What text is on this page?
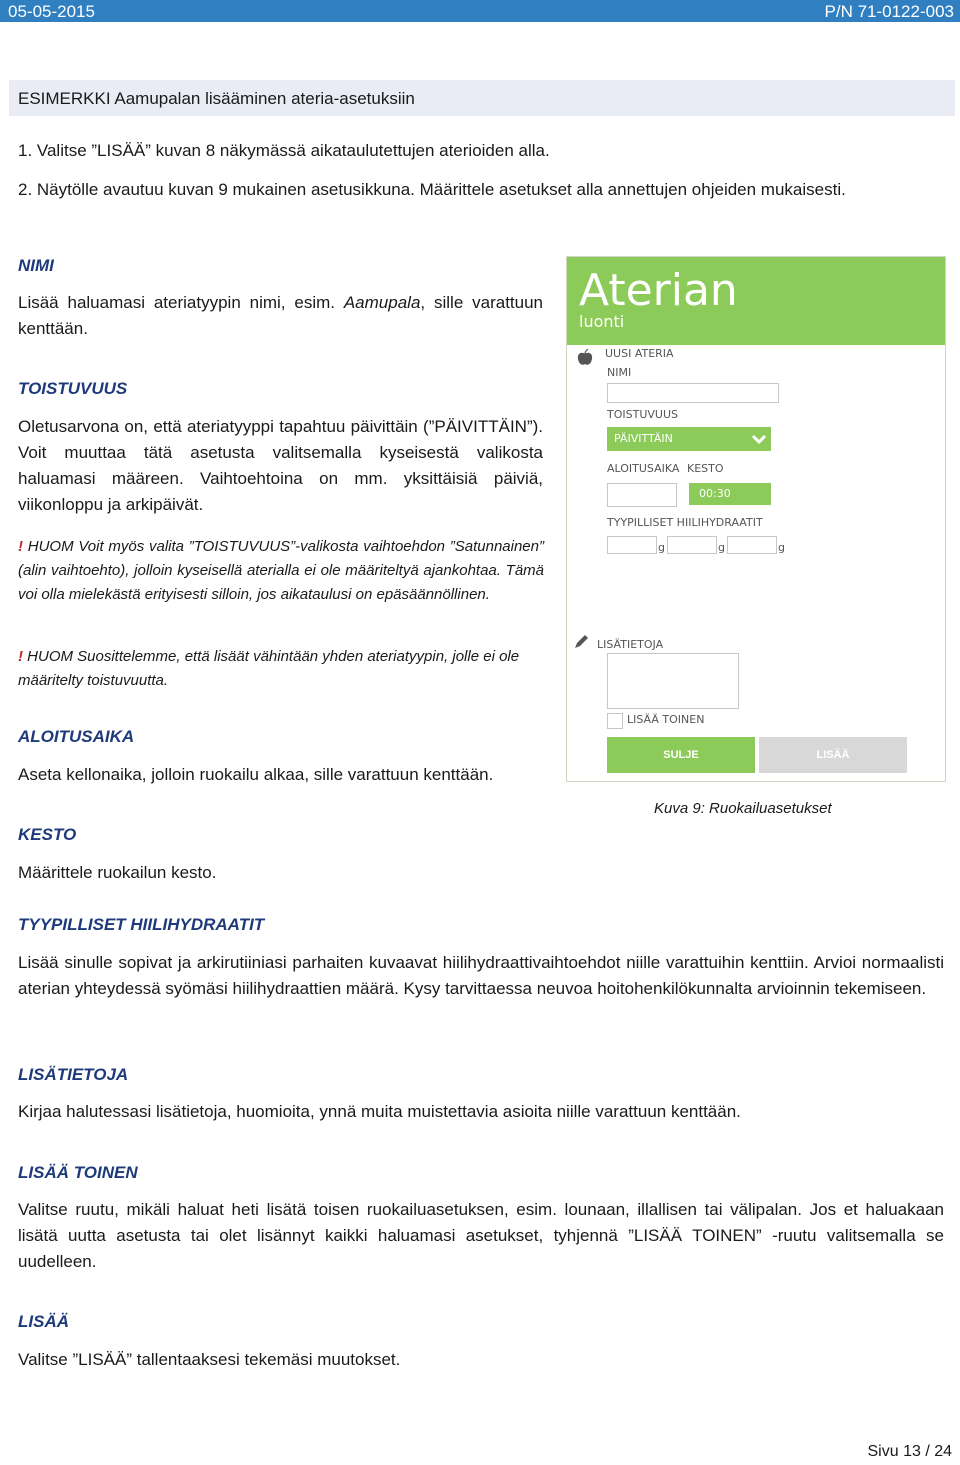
05-05-2015	P/N 71-0122-003
ESIMERKKI Aamupalan lisääminen ateria-asetuksiin
1. Valitse ”LISÄÄ” kuvan 8 näkymässä aikataulutettujen aterioiden alla.
2. Näytölle avautuu kuvan 9 mukainen asetusikkuna. Määrittele asetukset alla annettujen ohjeiden mukaisesti.
NIMI
Lisää haluamasi ateriatyypin nimi, esim. Aamupala, sille varattuun kenttään.
TOISTUVUUS
Oletusarvona on, että ateriatyyppi tapahtuu päivittäin (”PÄIVITTÄIN”). Voit muuttaa tätä asetusta valitsemalla kyseisestä valikosta haluamasi määreen. Vaihtoehtoina on mm. yksittäisiä päiviä, viikonloppu ja arkipäivät.
! HUOM Voit myös valita ”TOISTUVUUS”-valikosta vaihtoehdon ”Satunnainen” (alin vaihtoehto), jolloin kyseisellä aterialla ei ole määriteltyä ajankohtaa. Tämä voi olla mielekästä erityisesti silloin, jos aikataulusi on epäsäännöllinen.
! HUOM Suosittelemme, että lisäät vähintään yhden ateriatyypin, jolle ei ole määritelty toistuvuutta.
ALOITUSAIKA
Aseta kellonaika, jolloin ruokailu alkaa, sille varattuun kenttään.
KESTO
Määrittele ruokailun kesto.
TYYPILLISET HIILIHYDRAATIT
Lisää sinulle sopivat ja arkirutiiniasi parhaiten kuvaavat hiilihydraattivaihtoehdot niille varattuihin kenttiin. Arvioi normaalisti aterian yhteydessä syömäsi hiilihydraattien määrä. Kysy tarvittaessa neuvoa hoitohenkilökunnalta arvioinnin tekemiseen.
LISÄTIETOJA
Kirjaa halutessasi lisätietoja, huomioita, ynnä muita muistettavia asioita niille varattuun kenttään.
LISÄÄ TOINEN
Valitse ruutu, mikäli haluat heti lisätä toisen ruokailuasetuksen, esim. lounaan, illallisen tai välipalan. Jos et haluakaan lisätä uutta asetusta tai olet lisännyt kaikki haluamasi asetukset, tyhjennä ”LISÄÄ TOINEN” -ruutu valitsemalla se uudelleen.
LISÄÄ
Valitse ”LISÄÄ” tallentaaksesi tekemäsi muutokset.
Aterian
luonti
UUSI ATERIA
NIMI
TOISTUVUUS
PÄIVITTÄIN
ALOITUSAIKA KESTO
00:30
TYYPILLISET HIILIHYDRAATIT
g	g	g
LISÄTIETOJA
LISÄÄ TOINEN
SULJE	LISÄÄ
Kuva 9: Ruokailuasetukset
Sivu 13 / 24
